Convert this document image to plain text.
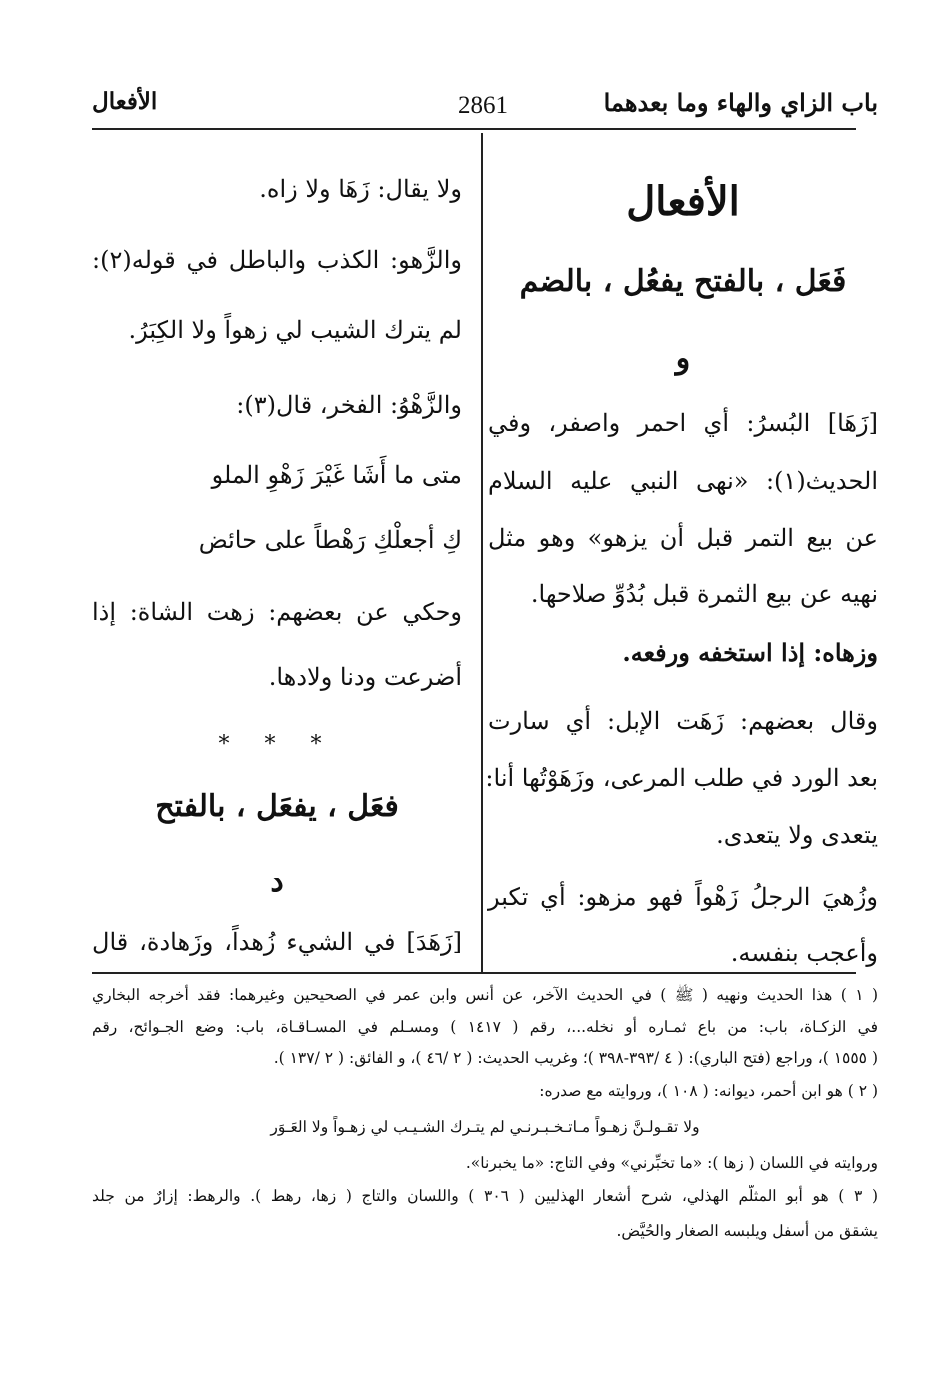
باب الزاي والهاء وما بعدهما
2861
الأفعال
الأفعال
فَعَل ، بالفتح يفعُل ، بالضم
و
[زَهَا] البُسرُ: أي احمر واصفر، وفي
الحديث(١): «نهى النبي عليه السلام
عن بيع التمر قبل أن يزهو» وهو مثل
نهيه عن بيع الثمرة قبل بُدُوِّ صلاحها.
وزهاه: إذا استخفه ورفعه.
وقال بعضهم: زَهَت الإبل: أي سارت
بعد الورد في طلب المرعى، وزَهَوْتُها أنا:
يتعدى ولا يتعدى.
وزُهيَ الرجلُ زَهْواً فهو مزهو: أي تكبر
وأعجب بنفسه.
ولا يقال: زَهَا ولا زاه.
والزَّهو: الكذب والباطل في قوله(٢):
لم يترك الشيب لي زهواً ولا الكِبَرُ.
والزَّهْوُ: الفخر، قال(٣):
متى ما أَشَا غَيْرَ زَهْوِ الملو
كِ أجعلْكِ رَهْطاً على حائض
وحكي عن بعضهم: زهت الشاة: إذا
أضرعت ودنا ولادها.
* * *
فعَل ، يفعَل ، بالفتح
د
[زَهَدَ] في الشيء زُهداً، وزَهادة، قال
( ١ ) هذا الحديث ونهيه ( ﷺ ) في الحديث الآخر، عن أنس وابن عمر في الصحيحين وغيرهما: فقد أخرجه البخاري
في الزكـاة، باب: من باع ثمـاره أو نخله...، رقم ( ١٤١٧ ) ومسـلم في المسـاقـاة، باب: وضع الجـوائح، رقم
( ١٥٥٥ )، وراجع (فتح الباري): ( ٤ /٣٩٣-٣٩٨ )؛ وغريب الحديث: ( ٢ /٤٦ )، و الفائق: ( ٢ /١٣٧ ).
( ٢ ) هو ابن أحمر، ديوانه: ( ١٠٨ )، وروايته مع صدره:
ولا تقـولـنَّ زهـواً مـاتـخـبـرنـي لم يتـرك الشـيـب لي زهـواً ولا العَـوَر
وروايته في اللسان ( زها ): «ما تخبِّرني» وفي التاج: «ما يخبرنا».
( ٣ ) هو أبو المثلَّم الهذلي، شرح أشعار الهذليين ( ٣٠٦ ) واللسان والتاج ( زها، رهط ). والرهط: إزارٌ من جلد
يشقق من أسفل ويلبسه الصغار والحُيَّض.
